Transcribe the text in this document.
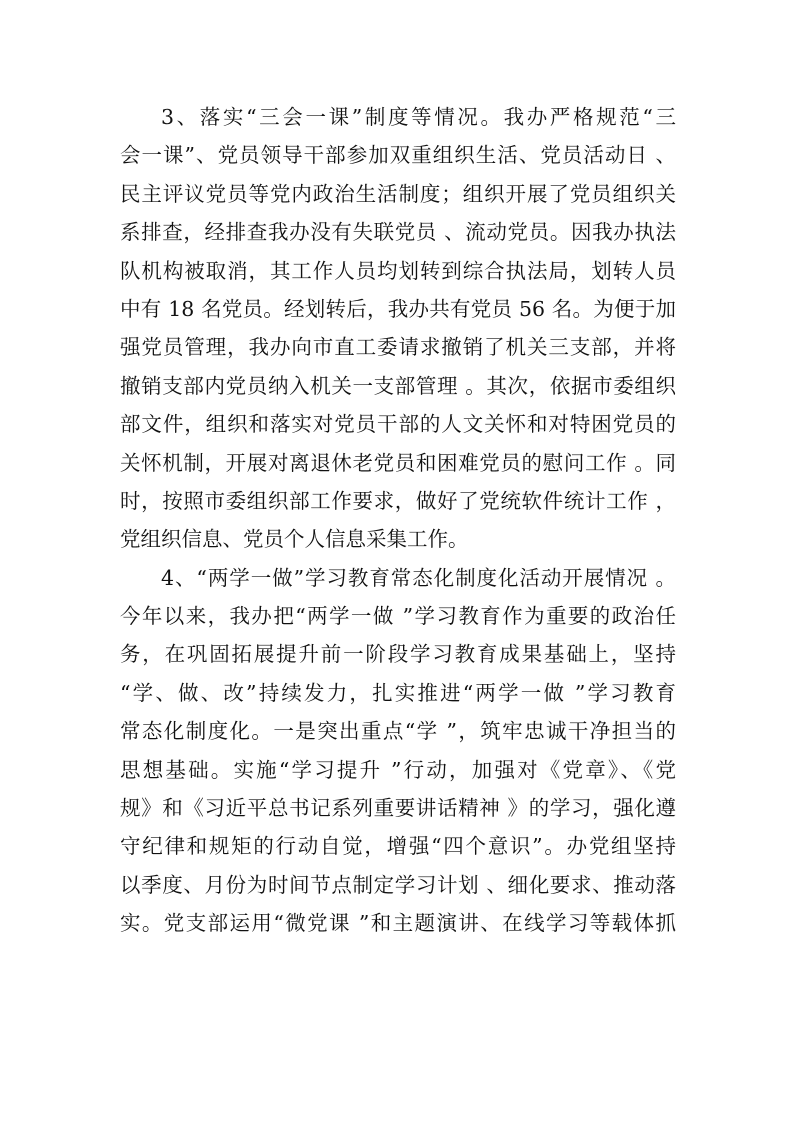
3、落实“三会一课”制度等情况。我办严格规范“三
会一课”、党员领导干部参加双重组织生活、党员活动日 、
民主评议党员等党内政治生活制度；组织开展了党员组织关
系排查，经排查我办没有失联党员 、流动党员。因我办执法
队机构被取消，其工作人员均划转到综合执法局，划转人员
中有 18 名党员。经划转后，我办共有党员 56 名。为便于加
强党员管理，我办向市直工委请求撤销了机关三支部，并将
撤销支部内党员纳入机关一支部管理 。其次，依据市委组织
部文件，组织和落实对党员干部的人文关怀和对特困党员的
关怀机制，开展对离退休老党员和困难党员的慰问工作 。同
时，按照市委组织部工作要求，做好了党统软件统计工作 ，
党组织信息、党员个人信息采集工作。
4、“两学一做”学习教育常态化制度化活动开展情况 。
今年以来，我办把“两学一做 ”学习教育作为重要的政治任
务，在巩固拓展提升前一阶段学习教育成果基础上，坚持
“学、做、改”持续发力，扎实推进“两学一做 ”学习教育
常态化制度化。一是突出重点“学 ”，筑牢忠诚干净担当的
思想基础。实施“学习提升 ”行动，加强对《党章》、《党
规》和《习近平总书记系列重要讲话精神 》的学习，强化遵
守纪律和规矩的行动自觉，增强“四个意识”。办党组坚持
以季度、月份为时间节点制定学习计划 、细化要求、推动落
实。党支部运用“微党课 ”和主题演讲、在线学习等载体抓
